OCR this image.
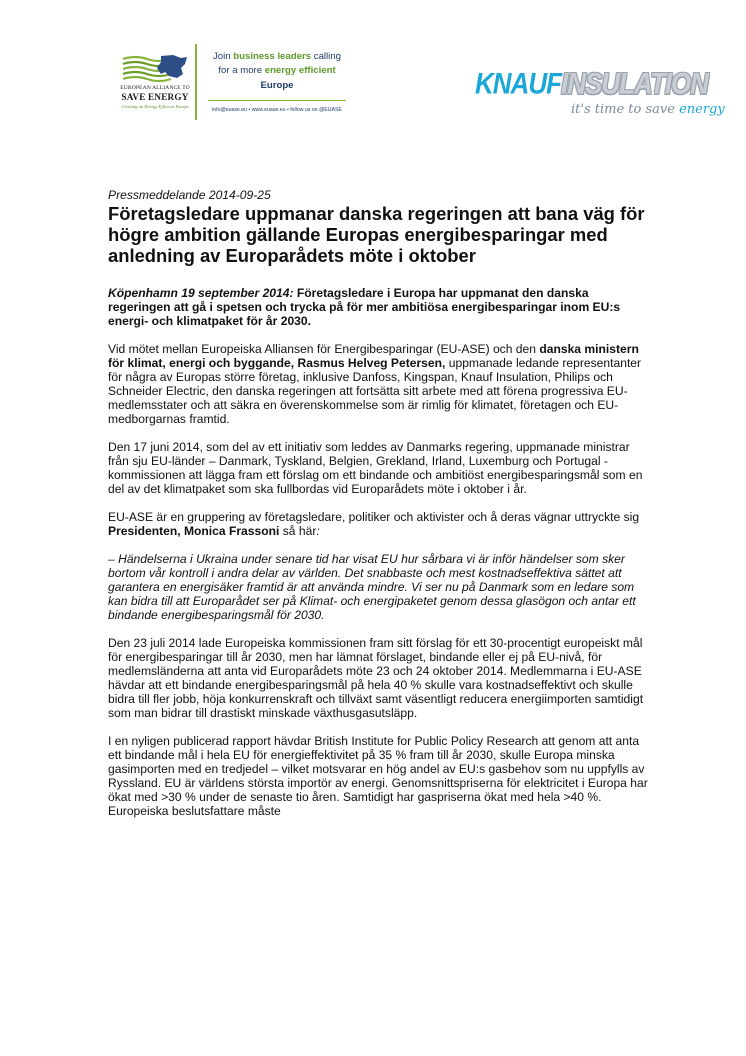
EUROPEAN ALLIANCE TO
SAVE ENERGY
Creating an Energy Efficient Europe
Join business leaders calling
for a more energy efficient
Europe
info@euase.eu • www.euase.eu • follow us on @EUASE
KNAUFINSULATION
it's time to save energy

Pressmeddelande 2014-09-25

Företagsledare uppmanar danska regeringen att bana väg för högre ambition gällande Europas energibesparingar med anledning av Europarådets möte i oktober

Köpenhamn 19 september 2014: Företagsledare i Europa har uppmanat den danska regeringen att gå i spetsen och trycka på för mer ambitiösa energibesparingar inom EU:s energi- och klimatpaket för år 2030.

Vid mötet mellan Europeiska Alliansen för Energibesparingar (EU-ASE) och den danska ministern för klimat, energi och byggande, Rasmus Helveg Petersen, uppmanade ledande representanter för några av Europas större företag, inklusive Danfoss, Kingspan, Knauf Insulation, Philips och Schneider Electric, den danska regeringen att fortsätta sitt arbete med att förena progressiva EU-medlemsstater och att säkra en överenskommelse som är rimlig för klimatet, företagen och EU-medborgarnas framtid.

Den 17 juni 2014, som del av ett initiativ som leddes av Danmarks regering, uppmanade ministrar från sju EU-länder – Danmark, Tyskland, Belgien, Grekland, Irland, Luxemburg och Portugal - kommissionen att lägga fram ett förslag om ett bindande och ambitiöst energibesparingsmål som en del av det klimatpaket som ska fullbordas vid Europarådets möte i oktober i år.

EU-ASE är en gruppering av företagsledare, politiker och aktivister och å deras vägnar uttryckte sig Presidenten, Monica Frassoni så här:

– Händelserna i Ukraina under senare tid har visat EU hur sårbara vi är inför händelser som sker bortom vår kontroll i andra delar av världen. Det snabbaste och mest kostnadseffektiva sättet att garantera en energisäker framtid är att använda mindre. Vi ser nu på Danmark som en ledare som kan bidra till att Europarådet ser på Klimat- och energipaketet genom dessa glasögon och antar ett bindande energibesparingsmål för 2030.

Den 23 juli 2014 lade Europeiska kommissionen fram sitt förslag för ett 30-procentigt europeiskt mål för energibesparingar till år 2030, men har lämnat förslaget, bindande eller ej på EU-nivå, för medlemsländerna att anta vid Europarådets möte 23 och 24 oktober 2014. Medlemmarna i EU-ASE hävdar att ett bindande energibesparingsmål på hela 40 % skulle vara kostnadseffektivt och skulle bidra till fler jobb, höja konkurrenskraft och tillväxt samt väsentligt reducera energiimporten samtidigt som man bidrar till drastiskt minskade växthusgasutsläpp.

I en nyligen publicerad rapport hävdar British Institute for Public Policy Research att genom att anta ett bindande mål i hela EU för energieffektivitet på 35 % fram till år 2030, skulle Europa minska gasimporten med en tredjedel – vilket motsvarar en hög andel av EU:s gasbehov som nu uppfylls av Ryssland. EU är världens största importör av energi. Genomsnittspriserna för elektricitet i Europa har ökat med >30 % under de senaste tio åren. Samtidigt har gaspriserna ökat med hela >40 %. Europeiska beslutsfattare måste
